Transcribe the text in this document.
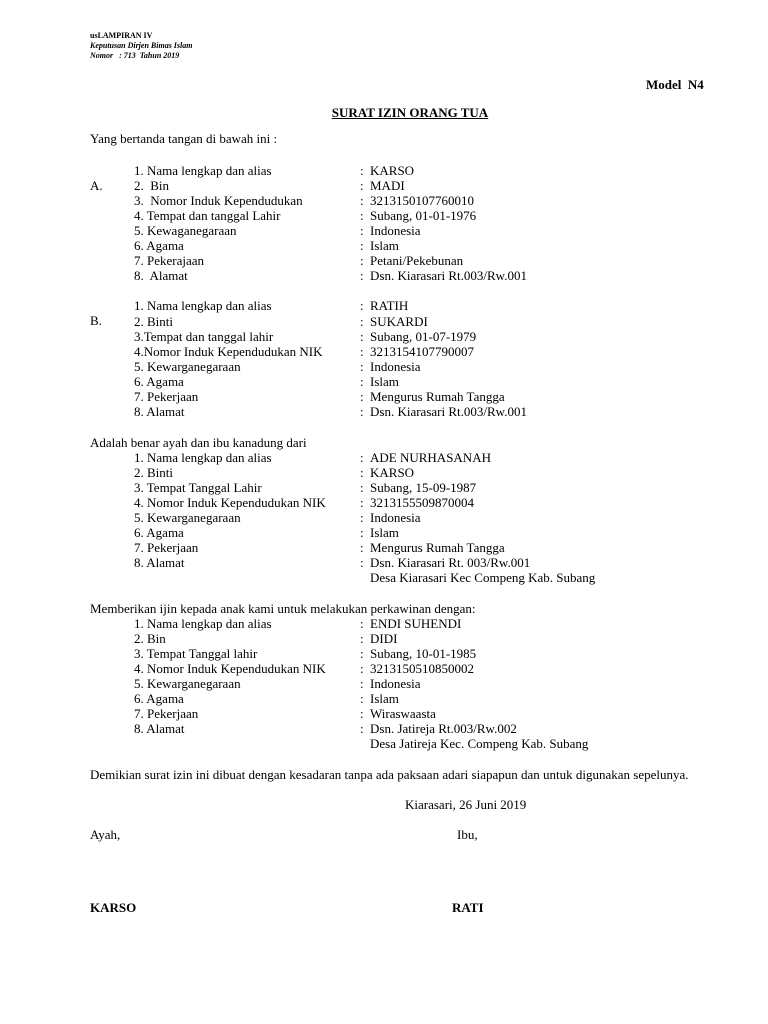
usLAMPIRAN IV
Keputusan Dirjen Bimas Islam
Nomor   : 713  Tahun 2019
Model  N4
SURAT IZIN ORANG TUA
Yang bertanda tangan di bawah ini :

A.

1. Nama lengkap dan alias	: KARSO
2.  Bin	: MADI
3.  Nomor Induk Kependudukan	: 3213150107760010
4. Tempat dan tanggal Lahir	: Subang, 01-01-1976
5. Kewaganegaraan	: Indonesia
6. Agama	: Islam
7. Pekerajaan	: Petani/Pekebunan
8.  Alamat	: Dsn. Kiarasari Rt.003/Rw.001

B.

1. Nama lengkap dan alias	: RATIH
2. Binti	: SUKARDI
3.Tempat dan tanggal lahir	: Subang, 01-07-1979
4.Nomor Induk Kependudukan NIK	: 3213154107790007
5. Kewarganegaraan	: Indonesia
6. Agama	: Islam
7. Pekerjaan	: Mengurus Rumah Tangga
8. Alamat	: Dsn. Kiarasari Rt.003/Rw.001
Adalah benar ayah dan ibu kanadung dari
1. Nama lengkap dan alias	: ADE NURHASANAH
2. Binti	: KARSO
3. Tempat Tanggal Lahir	: Subang, 15-09-1987
4. Nomor Induk Kependudukan NIK	: 3213155509870004
5. Kewarganegaraan	: Indonesia
6. Agama	: Islam
7. Pekerjaan	: Mengurus Rumah Tangga
8. Alamat	: Dsn. Kiarasari Rt. 003/Rw.001
Desa Kiarasari Kec Compeng Kab. Subang
Memberikan ijin kepada anak kami untuk melakukan perkawinan dengan:
1. Nama lengkap dan alias	: ENDI SUHENDI
2. Bin	: DIDI
3. Tempat Tanggal lahir	: Subang, 10-01-1985
4. Nomor Induk Kependudukan NIK	: 3213150510850002
5. Kewarganegaraan	: Indonesia
6. Agama	: Islam
7. Pekerjaan	: Wiraswaasta
8. Alamat	: Dsn. Jatireja Rt.003/Rw.002
Desa Jatireja Kec. Compeng Kab. Subang
Demikian surat izin ini dibuat dengan kesadaran tanpa ada paksaan adari siapapun dan untuk digunakan sepelunya.
Kiarasari, 26 Juni 2019
Ayah,	Ibu,
KARSO	RATI
